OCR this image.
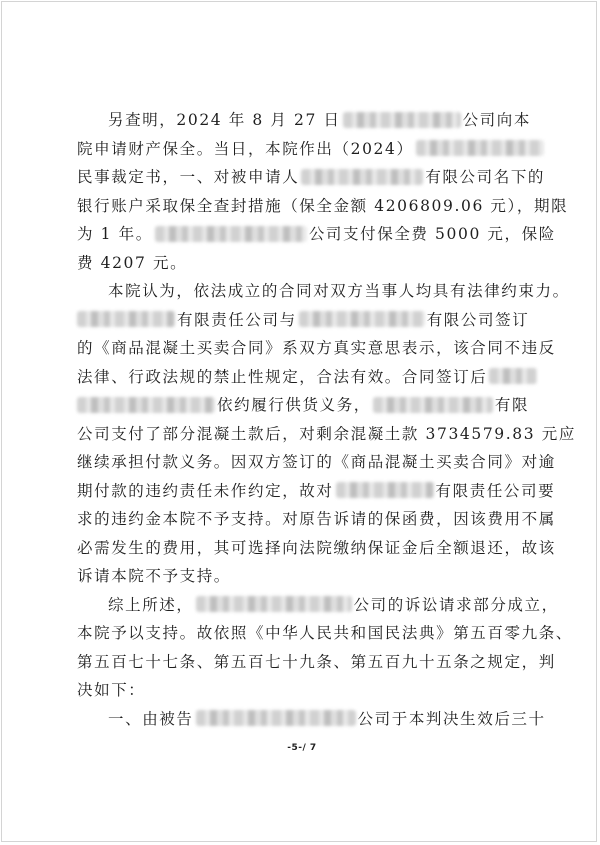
另查明，2024 年 8 月 27 日	公司向本
院申请财产保全。当日，本院作出（2024）
民事裁定书，一、对被申请人	有限公司名下的
银行账户采取保全查封措施（保全金额 4206809.06 元），期限
为 1 年。	公司支付保全费 5000 元，保险
费 4207 元。
本院认为，依法成立的合同对双方当事人均具有法律约束力。
有限责任公司与	有限公司签订
的《商品混凝土买卖合同》系双方真实意思表示，该合同不违反
法律、行政法规的禁止性规定，合法有效。合同签订后
依约履行供货义务，	有限
公司支付了部分混凝土款后，对剩余混凝土款 3734579.83 元应
继续承担付款义务。因双方签订的《商品混凝土买卖合同》对逾
期付款的违约责任未作约定，故对	有限责任公司要
求的违约金本院不予支持。对原告诉请的保函费，因该费用不属
必需发生的费用，其可选择向法院缴纳保证金后全额退还，故该
诉请本院不予支持。
综上所述，	公司的诉讼请求部分成立，
本院予以支持。故依照《中华人民共和国民法典》第五百零九条、
第五百七十七条、第五百七十九条、第五百九十五条之规定，判
决如下：
一、由被告	公司于本判决生效后三十
-5-/ 7
